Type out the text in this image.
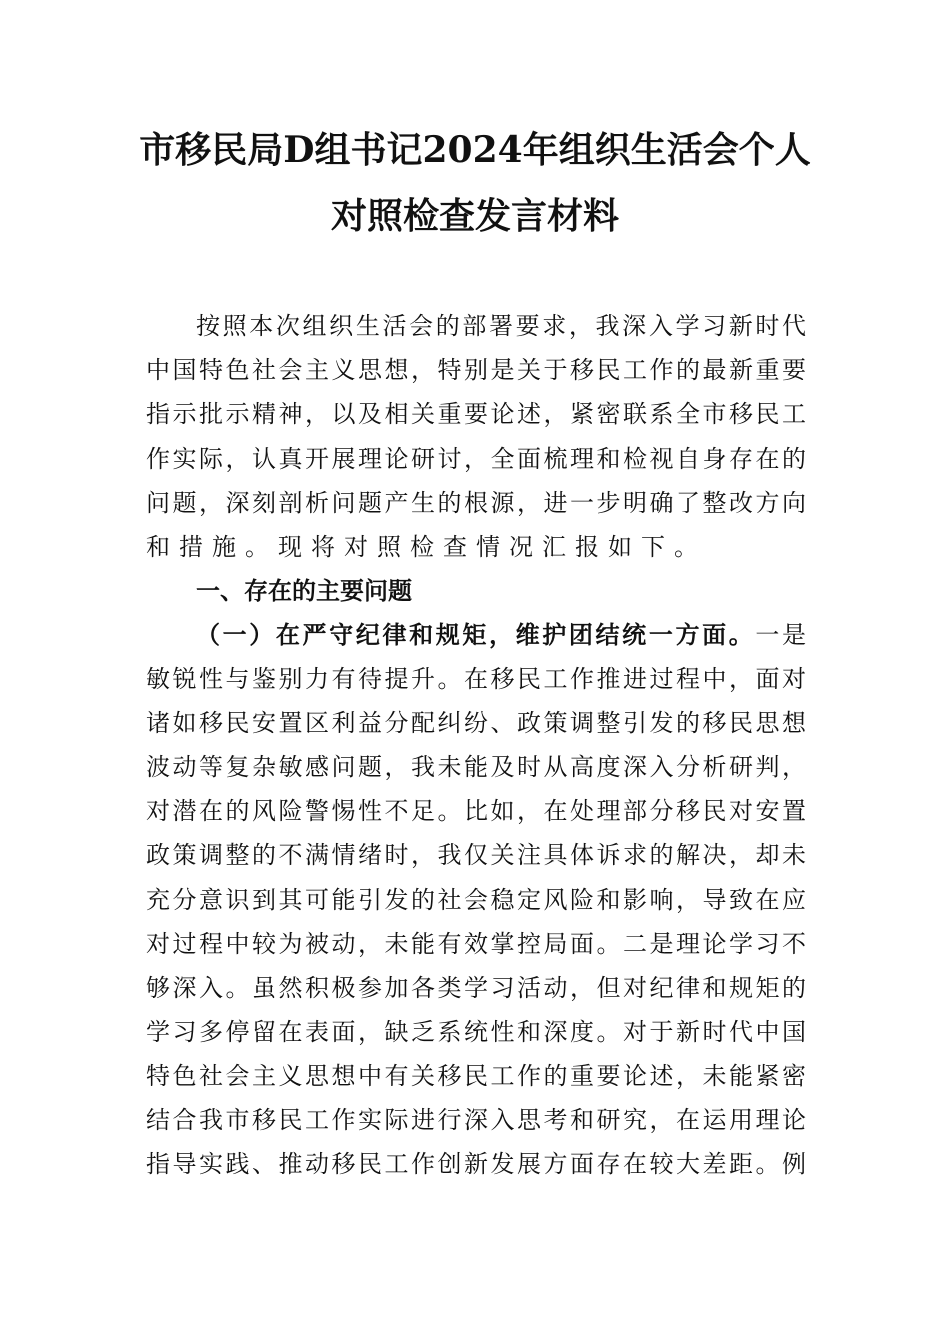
市移民局D组书记2024年组织生活会个人
对照检查发言材料
按照本次组织生活会的部署要求，我深入学习新时代
中国特色社会主义思想，特别是关于移民工作的最新重要
指示批示精神，以及相关重要论述，紧密联系全市移民工
作实际，认真开展理论研讨，全面梳理和检视自身存在的
问题，深刻剖析问题产生的根源，进一步明确了整改方向
和措施。现将对照检查情况汇报如下。
一、存在的主要问题
（一）在严守纪律和规矩，维护团结统一方面。一是
敏锐性与鉴别力有待提升。在移民工作推进过程中，面对
诸如移民安置区利益分配纠纷、政策调整引发的移民思想
波动等复杂敏感问题，我未能及时从高度深入分析研判，
对潜在的风险警惕性不足。比如，在处理部分移民对安置
政策调整的不满情绪时，我仅关注具体诉求的解决，却未
充分意识到其可能引发的社会稳定风险和影响，导致在应
对过程中较为被动，未能有效掌控局面。二是理论学习不
够深入。虽然积极参加各类学习活动，但对纪律和规矩的
学习多停留在表面，缺乏系统性和深度。对于新时代中国
特色社会主义思想中有关移民工作的重要论述，未能紧密
结合我市移民工作实际进行深入思考和研究，在运用理论
指导实践、推动移民工作创新发展方面存在较大差距。例
